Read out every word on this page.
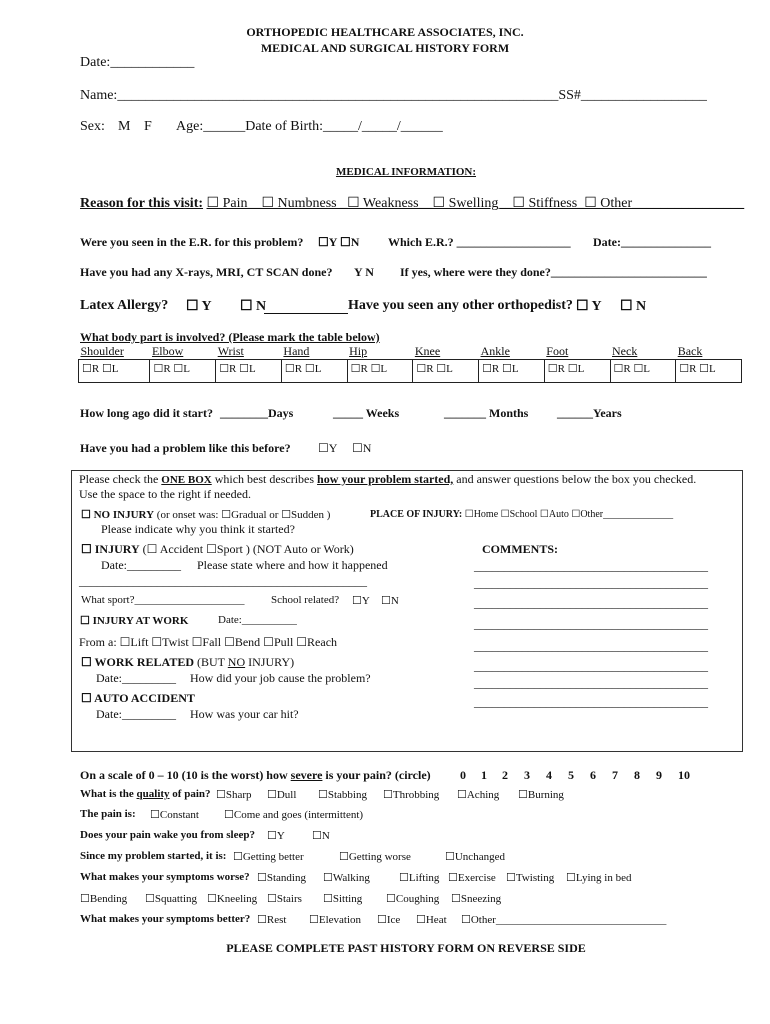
ORTHOPEDIC HEALTHCARE ASSOCIATES, INC.
MEDICAL AND SURGICAL HISTORY FORM
Date:____________
Name:_______________________________________________________________SS#__________________
Sex: M F Age:______Date of Birth:_____/_____/______
MEDICAL INFORMATION:
Reason for this visit: ☐ Pain__☐ Numbness _☐ Weakness__☐ Swelling__☐ Stiffness_☐ Other________________
Were you seen in the E.R. for this problem? ☐Y ☐N Which E.R.? ___________________ Date:_______________
Have you had any X-rays, MRI, CT SCAN done? Y N If yes, where were they done?__________________________
Latex Allergy? ☐ Y ☐ N	Have you seen any other orthopedist? ☐ Y ☐ N
What body part is involved? (Please mark the table below)
Shoulder	Elbow	Wrist	Hand	Hip	Knee	Ankle	Foot	Neck	Back
☐R ☐L	☐R ☐L	☐R ☐L	☐R ☐L	☐R ☐L	☐R ☐L	☐R ☐L	☐R ☐L	☐R ☐L	☐R ☐L
How long ago did it start? ________Days	_____ Weeks	_______ Months ______Years
Have you had a problem like this before? ☐Y ☐N
Please check the ONE BOX which best describes how your problem started, and answer questions below the box you checked.
Use the space to the right if needed.
☐ NO INJURY (or onset was: ☐Gradual or ☐Sudden )	PLACE OF INJURY: ☐Home ☐School ☐Auto ☐Other______________
Please indicate why you think it started?
☐ INJURY (☐ Accident ☐Sport ) (NOT Auto or Work)	COMMENTS:
Date:_________ Please state where and how it happened
________________________________________________
What sport?____________________ School related? ☐Y ☐N
☐ INJURY AT WORK	Date:__________
From a: ☐Lift ☐Twist ☐Fall ☐Bend ☐Pull ☐Reach
☐ WORK RELATED (BUT NO INJURY)
Date:_________ How did your job cause the problem?
☐ AUTO ACCIDENT
Date:_________ How was your car hit?
_______________________________________
_______________________________________
_______________________________________
_______________________________________
_______________________________________
_______________________________________
_______________________________________
_______________________________________
On a scale of 0 – 10 (10 is the worst) how severe is your pain? (circle) 0 1 2 3 4 5 6 7 8 9 10
What is the quality of pain? ☐Sharp ☐Dull ☐Stabbing ☐Throbbing ☐Aching ☐Burning
The pain is: ☐Constant ☐Come and goes (intermittent)
Does your pain wake you from sleep? ☐Y ☐N
Since my problem started, it is: ☐Getting better	☐Getting worse	☐Unchanged
What makes your symptoms worse? ☐Standing ☐Walking	☐Lifting ☐Exercise ☐Twisting ☐Lying in bed
☐Bending ☐Squatting ☐Kneeling ☐Stairs ☐Sitting ☐Coughing ☐Sneezing
What makes your symptoms better? ☐Rest ☐Elevation ☐Ice ☐Heat ☐Other_______________________________
PLEASE COMPLETE PAST HISTORY FORM ON REVERSE SIDE
